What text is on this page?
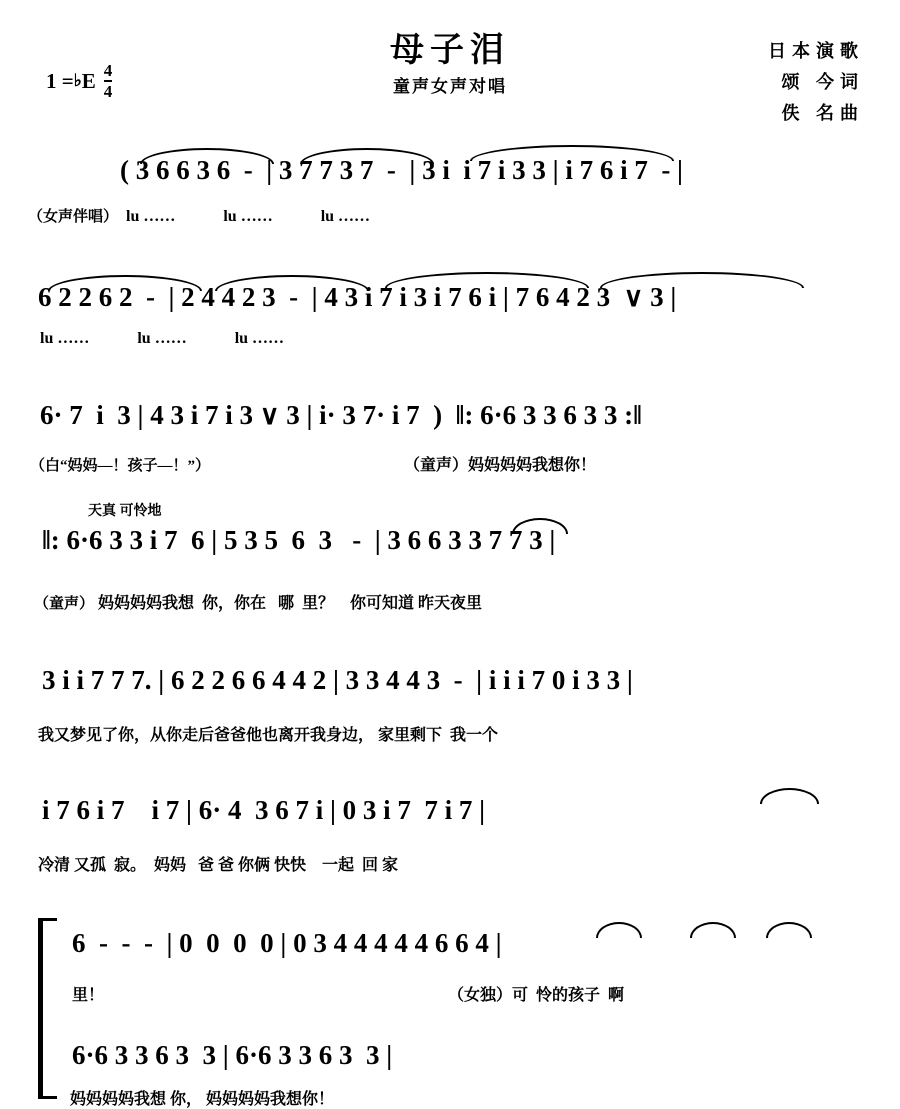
母子泪
童声女声对唱
日本演歌
颂 今词
佚 名曲
1 = ♭ E $\frac{4}{4}$
( 3 6 6 3 6  -  | 3 7 7 3 7  -  | 3 i  i 7 i 3 3 | i 7 6 i 7  - |
（女声伴唱） lu ……            lu ……            lu ……
6 2 2 6 2  -  | 2 4 4 2 3  -  | 4 3 i 7 i 3 i 7 6 i | 7 6 4 2 3  ∨ 3 |
lu ……            lu ……            lu ……
6· 7  i  3 | 4 3 i 7 i 3 ∨ 3 | i· 3 7· i 7  )  ‖: 6·6 3 3 6 3 3 :‖
（白“妈妈—！孩子—！”）	（童声）妈妈妈妈我想你！
天真 可怜地
‖: 6·6 3 3 i 7  6 | 5 3 5  6  3   -  | 3 6 6 3 3 7 7 3 |
（童声） 妈妈妈妈我想  你，你在   哪  里？    你可知道 昨天夜里
3 i i 7 7 7. | 6 2 2 6 6 4 4 2 | 3 3 4 4 3  -  | i i i 7 0 i 3 3 |
我又梦见了你，从你走后爸爸他也离开我身边， 家里剩下  我一个
i 7 6 i 7    i 7 | 6· 4  3 6 7 i | 0 3 i 7  7 i 7 |
冷清 又孤  寂。  妈妈   爸 爸 你俩 快快    一起  回 家
6  -  -  -  | 0  0  0  0 | 0 3 4 4 4 4 4 6 6 4 |
里！	（女独）可  怜的孩子  啊
6·6 3 3 6 3  3 | 6·6 3 3 6 3  3 |
妈妈妈妈我想 你， 妈妈妈妈我想你！
